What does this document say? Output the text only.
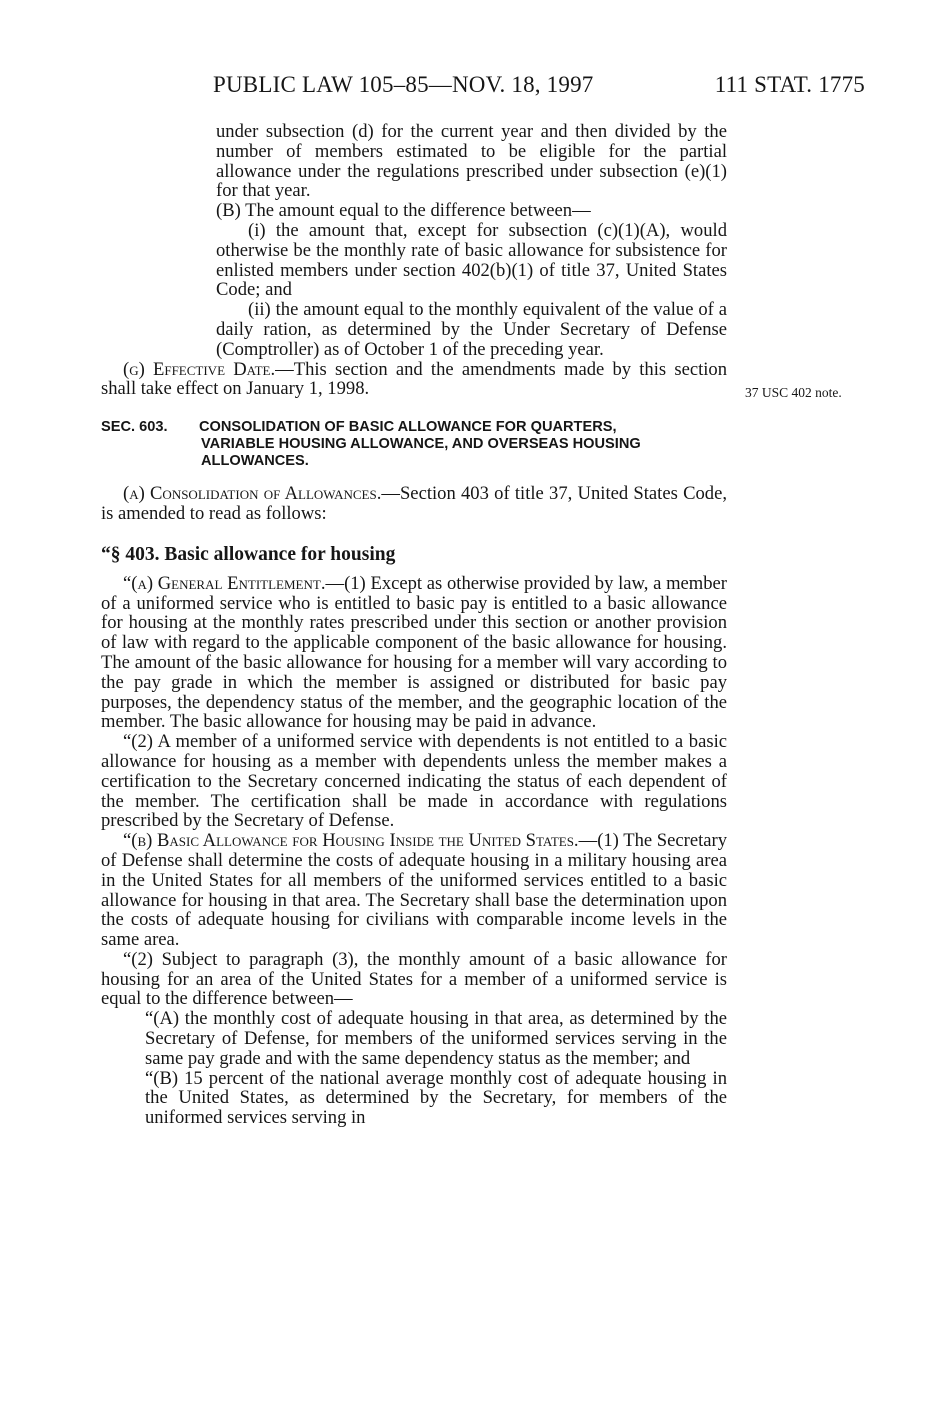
PUBLIC LAW 105–85—NOV. 18, 1997	111 STAT. 1775
37 USC 402 note.

under subsection (d) for the current year and then divided by the number of members estimated to be eligible for the partial allowance under the regulations prescribed under subsection (e)(1) for that year.

(B) The amount equal to the difference between—

(i) the amount that, except for subsection (c)(1)(A), would otherwise be the monthly rate of basic allowance for subsistence for enlisted members under section 402(b)(1) of title 37, United States Code; and

(ii) the amount equal to the monthly equivalent of the value of a daily ration, as determined by the Under Secretary of Defense (Comptroller) as of October 1 of the preceding year.

(g) Effective Date.—This section and the amendments made by this section shall take effect on January 1, 1998.

SEC. 603. CONSOLIDATION OF BASIC ALLOWANCE FOR QUARTERS,
VARIABLE HOUSING ALLOWANCE, AND OVERSEAS HOUSING ALLOWANCES.

(a) Consolidation of Allowances.—Section 403 of title 37, United States Code, is amended to read as follows:

“§ 403. Basic allowance for housing

“(a) General Entitlement.—(1) Except as otherwise provided by law, a member of a uniformed service who is entitled to basic pay is entitled to a basic allowance for housing at the monthly rates prescribed under this section or another provision of law with regard to the applicable component of the basic allowance for housing. The amount of the basic allowance for housing for a member will vary according to the pay grade in which the member is assigned or distributed for basic pay purposes, the dependency status of the member, and the geographic location of the member. The basic allowance for housing may be paid in advance.

“(2) A member of a uniformed service with dependents is not entitled to a basic allowance for housing as a member with dependents unless the member makes a certification to the Secretary concerned indicating the status of each dependent of the member. The certification shall be made in accordance with regulations prescribed by the Secretary of Defense.

“(b) Basic Allowance for Housing Inside the United States.—(1) The Secretary of Defense shall determine the costs of adequate housing in a military housing area in the United States for all members of the uniformed services entitled to a basic allowance for housing in that area. The Secretary shall base the determination upon the costs of adequate housing for civilians with comparable income levels in the same area.

“(2) Subject to paragraph (3), the monthly amount of a basic allowance for housing for an area of the United States for a member of a uniformed service is equal to the difference between—

“(A) the monthly cost of adequate housing in that area, as determined by the Secretary of Defense, for members of the uniformed services serving in the same pay grade and with the same dependency status as the member; and

“(B) 15 percent of the national average monthly cost of adequate housing in the United States, as determined by the Secretary, for members of the uniformed services serving in
